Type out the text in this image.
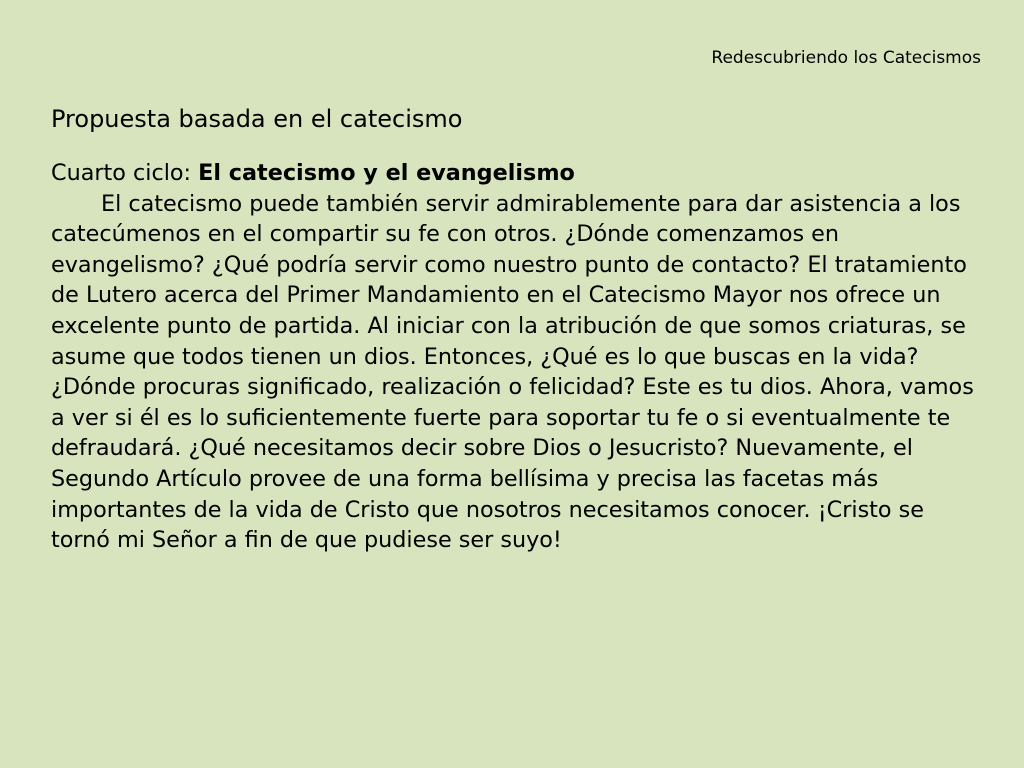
Redescubriendo los Catecismos
Propuesta basada en el catecismo
Cuarto ciclo: El catecismo y el evangelismo

El catecismo puede también servir admirablemente para dar asistencia a los catecúmenos en el compartir su fe con otros. ¿Dónde comenzamos en evangelismo? ¿Qué podría servir como nuestro punto de contacto? El tratamiento de Lutero acerca del Primer Mandamiento en el Catecismo Mayor nos ofrece un excelente punto de partida. Al iniciar con la atribución de que somos criaturas, se asume que todos tienen un dios. Entonces, ¿Qué es lo que buscas en la vida? ¿Dónde procuras significado, realización o felicidad? Este es tu dios. Ahora, vamos a ver si él es lo suficientemente fuerte para soportar tu fe o si eventualmente te defraudará. ¿Qué necesitamos decir sobre Dios o Jesucristo? Nuevamente, el Segundo Artículo provee de una forma bellísima y precisa las facetas más importantes de la vida de Cristo que nosotros necesitamos conocer. ¡Cristo se tornó mi Señor a fin de que pudiese ser suyo!
